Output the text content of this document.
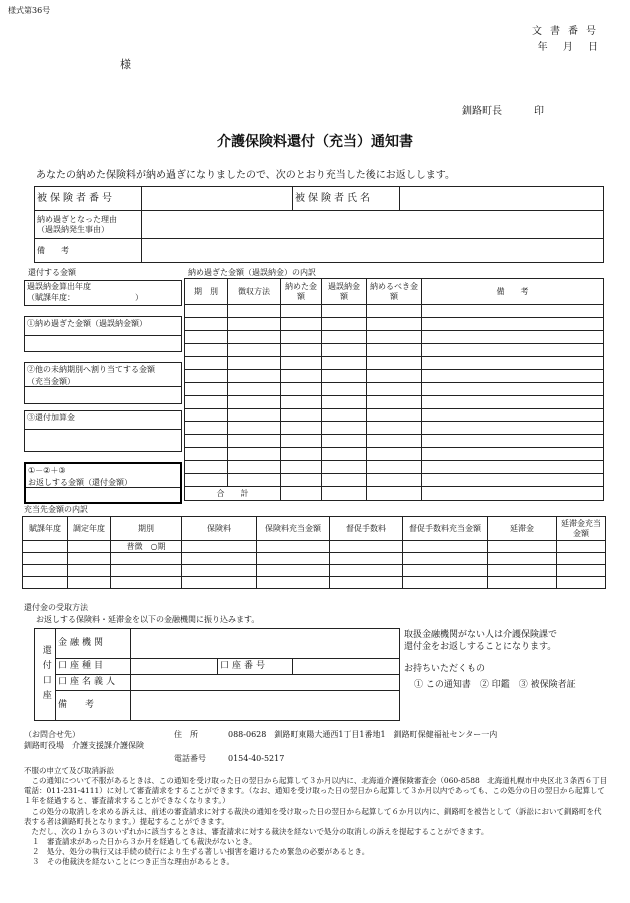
様式第36号
文書番号
年 月 日
様
釧路町長	印
介護保険料還付（充当）通知書
あなたの納めた保険料が納め過ぎになりましたので、次のとおり充当した後にお返しします。
被保険者番号		被保険者氏名	

納め過ぎとなった理由
（過誤納発生事由）			

備　　考			
還付する金額
過誤納金算出年度
（賦課年度：　　　　　　　　）
①納め過ぎた金額（過誤納金額）
②他の未納期別へ割り当てする金額
（充当金額）
③還付加算金
①－②＋③
お返しする金額（還付金額）
納め過ぎた金額（過誤納金）の内訳
期　別	徴収方法	納めた金　額	過誤納金　額	納めるべき金　額	備　　考

合　　計					
充当先金額の内訳
賦課年度	調定年度	期別	保険料	保険料充当金額	督促手数料	督促手数料充当金額	延滞金	延滞金充当金額
		普徴　○期						

還付金の受取方法
お返しする保険料・延滞金を以下の金融機関に振り込みます。
還付口座	金融機関			
	口座種目		口座番号	
	口座名義人			
	備　　考			
取扱金融機関がない人は介護保険課で
還付金をお返しすることになります。
お持ちいただくもの
① この通知書　② 印鑑　③ 被保険者証
（お問合せ先）
釧路町役場　介護支援課介護保険
住　所	088-0628　釧路町東陽大通西1丁目1番地1　釧路町保健福祉センター一内
電話番号	0154-40-5217
不服の申立て及び取消訴訟
　この通知について不服があるときは、この通知を受け取った日の翌日から起算して３か月以内に、北海道介護保険審査会（060-8588　北海道札幌市中央区北３条西６丁目　電話：011-231-4111）に対して審査請求をすることができます。（なお、通知を受け取った日の翌日から起算して３か月以内であっても、この処分の日の翌日から起算して１年を経過すると、審査請求することができなくなります。）
　この処分の取消しを求める訴えは、前述の審査請求に対する裁決の通知を受け取った日の翌日から起算して６か月以内に、釧路町を被告として（訴訟において釧路町を代表する者は釧路町長となります。）提起することができます。
　ただし、次の１から３のいずれかに該当するときは、審査請求に対する裁決を経ないで処分の取消しの訴えを提起することができます。
１　審査請求があった日から３か月を経過しても裁決がないとき。
２　処分、処分の執行又は手続の続行により生ずる著しい損害を避けるため緊急の必要があるとき。
３　その他裁決を経ないことにつき正当な理由があるとき。
